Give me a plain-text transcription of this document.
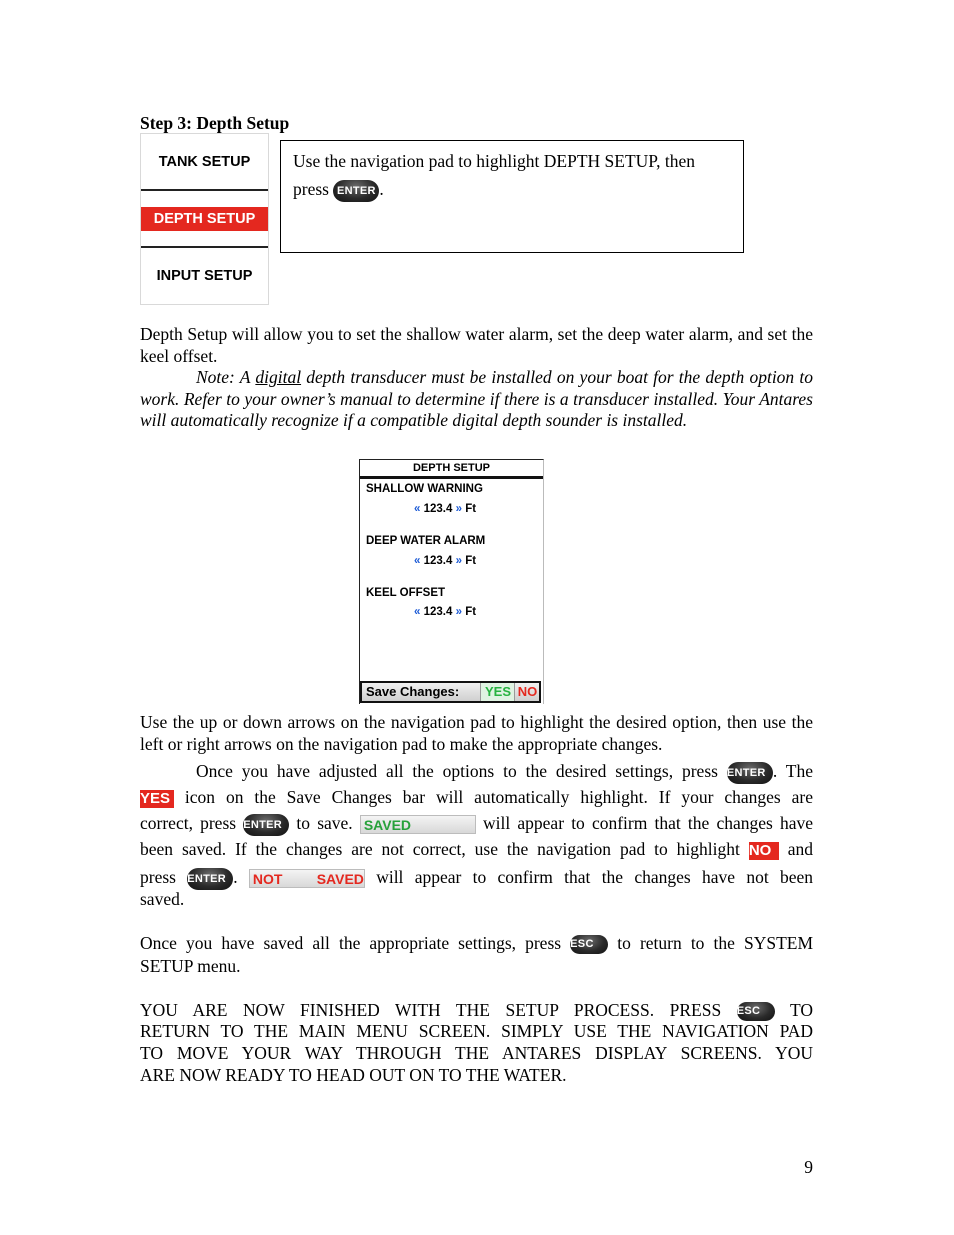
Step 3: Depth Setup
TANK SETUP
DEPTH SETUP
INPUT SETUP
Use the navigation pad to highlight DEPTH SETUP, then press ENTER .
Depth Setup will allow you to set the shallow water alarm, set the deep water alarm, and set the keel offset.
Note: A digital depth transducer must be installed on your boat for the depth option to work. Refer to your owner’s manual to determine if there is a transducer installed. Your Antares will automatically recognize if a compatible digital depth sounder is installed.
DEPTH SETUP
SHALLOW WARNING
« 123.4 » Ft
DEEP WATER ALARM
« 123.4 » Ft
KEEL OFFSET
« 123.4 » Ft
Save Changes:	YES NO
Use the up or down arrows on the navigation pad to highlight the desired option, then use the left or right arrows on the navigation pad to make the appropriate changes.
Once you have adjusted all the options to the desired settings, press ENTER . The
YES icon on the Save Changes bar will automatically highlight. If your changes are
correct, press ENTER to save. SAVED	will appear to confirm that the changes have
been saved. If the changes are not correct, use the navigation pad to highlight NO and
press ENTER . NOT SAVED will appear to confirm that the changes have not been
saved.
Once you have saved all the appropriate settings, press ESC to return to the SYSTEM
SETUP menu.
YOU ARE NOW FINISHED WITH THE SETUP PROCESS. PRESS ESC TO
RETURN TO THE MAIN MENU SCREEN. SIMPLY USE THE NAVIGATION PAD
TO MOVE YOUR WAY THROUGH THE ANTARES DISPLAY SCREENS. YOU
ARE NOW READY TO HEAD OUT ON TO THE WATER.
9
